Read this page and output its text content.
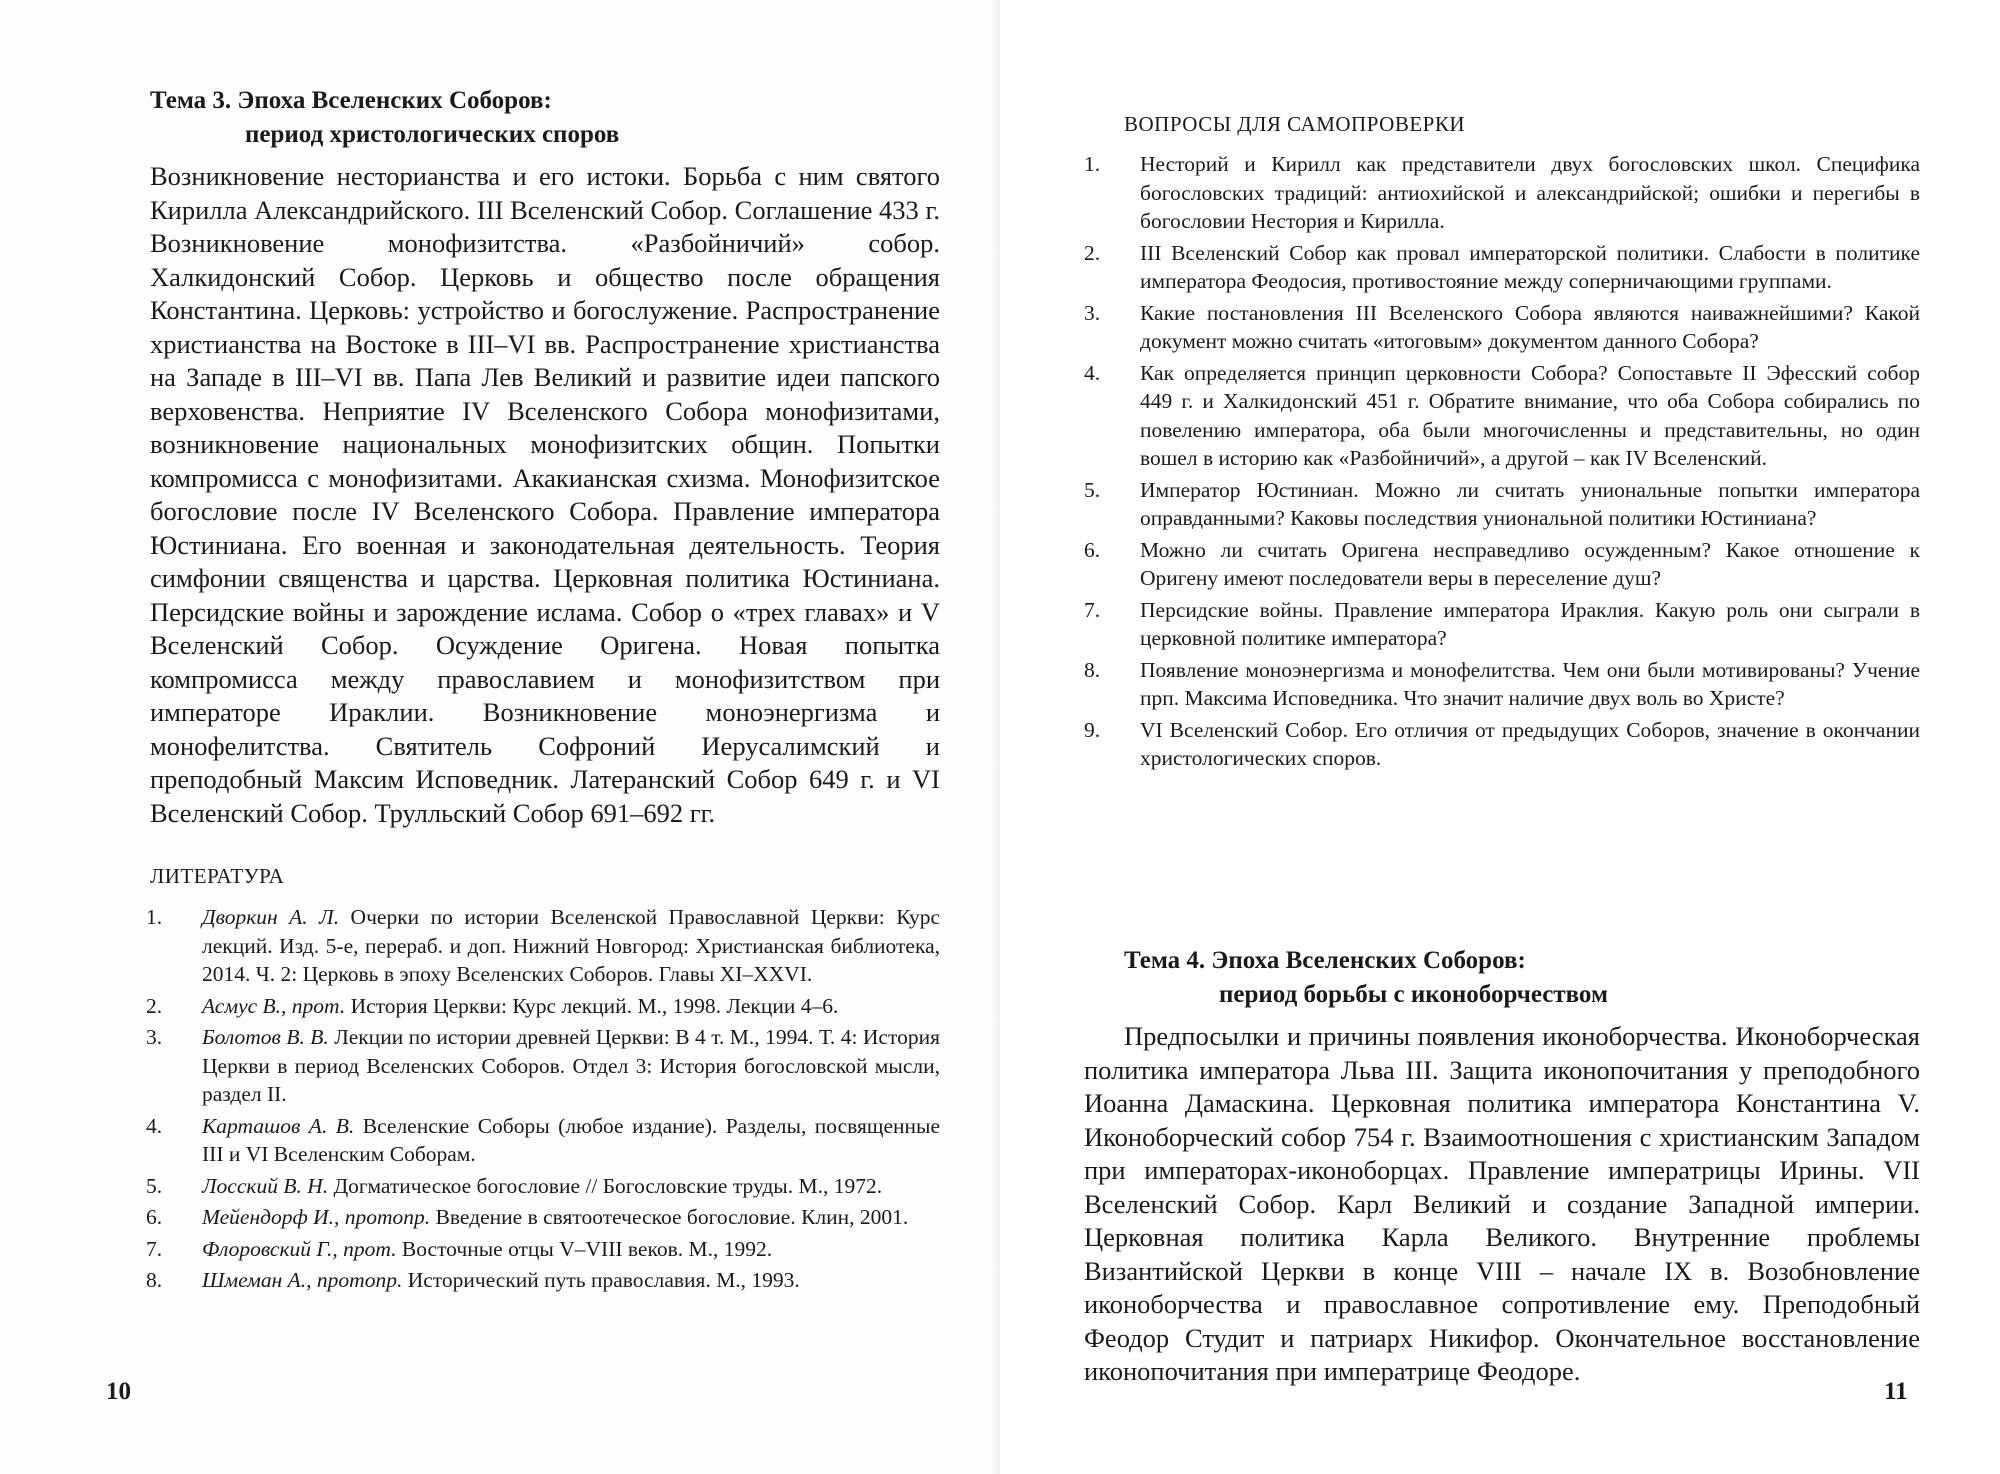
Тема 3. Эпоха Вселенских Соборов:
период христологических споров

Возникновение несторианства и его истоки. Борьба с ним святого Кирилла Александрийского. III Вселенский Собор. Соглашение 433 г. Возникновение монофизитства. «Разбойничий» собор. Халкидонский Собор. Церковь и общество после обращения Константина. Церковь: устройство и богослужение. Распространение христианства на Востоке в III–VI вв. Распространение христианства на Западе в III–VI вв. Папа Лев Великий и развитие идеи папского верховенства. Неприятие IV Вселенского Собора монофизитами, возникновение национальных монофизитских общин. Попытки компромисса с монофизитами. Акакианская схизма. Монофизитское богословие после IV Вселенского Собора. Правление императора Юстиниана. Его военная и законодательная деятельность. Теория симфонии священства и царства. Церковная политика Юстиниана. Персидские войны и зарождение ислама. Собор о «трех главах» и V Вселенский Собор. Осуждение Оригена. Новая попытка компромисса между православием и монофизитством при императоре Ираклии. Возникновение моноэнергизма и монофелитства. Святитель Софроний Иерусалимский и преподобный Максим Исповедник. Латеранский Собор 649 г. и VI Вселенский Собор. Трулльский Собор 691–692 гг.

ЛИТЕРАТУРА
1.	Дворкин А. Л. Очерки по истории Вселенской Православной Церкви: Курс лекций. Изд. 5-е, перераб. и доп. Нижний Новгород: Христианская библиотека, 2014. Ч. 2: Церковь в эпоху Вселенских Соборов. Главы XI–XXVI.
2.	Асмус В., прот. История Церкви: Курс лекций. М., 1998. Лекции 4–6.
3.	Болотов В. В. Лекции по истории древней Церкви: В 4 т. М., 1994. Т. 4: История Церкви в период Вселенских Соборов. Отдел 3: История богословской мысли, раздел II.
4.	Карташов А. В. Вселенские Соборы (любое издание). Разделы, посвященные III и VI Вселенским Соборам.
5.	Лосский В. Н. Догматическое богословие // Богословские труды. М., 1972.
6.	Мейендорф И., протопр. Введение в святоотеческое богословие. Клин, 2001.
7.	Флоровский Г., прот. Восточные отцы V–VIII веков. М., 1992.
8.	Шмеман А., протопр. Исторический путь православия. М., 1993.
10
ВОПРОСЫ ДЛЯ САМОПРОВЕРКИ
1.	Несторий и Кирилл как представители двух богословских школ. Специфика богословских традиций: антиохийской и александрийской; ошибки и перегибы в богословии Нестория и Кирилла.
2.	III Вселенский Собор как провал императорской политики. Слабости в политике императора Феодосия, противостояние между соперничающими группами.
3.	Какие постановления III Вселенского Собора являются наиважнейшими? Какой документ можно считать «итоговым» документом данного Собора?
4.	Как определяется принцип церковности Собора? Сопоставьте II Эфесский собор 449 г. и Халкидонский 451 г. Обратите внимание, что оба Собора собирались по повелению императора, оба были многочисленны и представительны, но один вошел в историю как «Разбойничий», а другой – как IV Вселенский.
5.	Император Юстиниан. Можно ли считать униональные попытки императора оправданными? Каковы последствия униональной политики Юстиниана?
6.	Можно ли считать Оригена несправедливо осужденным? Какое отношение к Оригену имеют последователи веры в переселение душ?
7.	Персидские войны. Правление императора Ираклия. Какую роль они сыграли в церковной политике императора?
8.	Появление моноэнергизма и монофелитства. Чем они были мотивированы? Учение прп. Максима Исповедника. Что значит наличие двух воль во Христе?
9.	VI Вселенский Собор. Его отличия от предыдущих Соборов, значение в окончании христологических споров.
Тема 4. Эпоха Вселенских Соборов:
период борьбы с иконоборчеством

Предпосылки и причины появления иконоборчества. Иконоборческая политика императора Льва III. Защита иконопочитания у преподобного Иоанна Дамаскина. Церковная политика императора Константина V. Иконоборческий собор 754 г. Взаимоотношения с христианским Западом при императорах-иконоборцах. Правление императрицы Ирины. VII Вселенский Собор. Карл Великий и создание Западной империи. Церковная политика Карла Великого. Внутренние проблемы Византийской Церкви в конце VIII – начале IX в. Возобновление иконоборчества и православное сопротивление ему. Преподобный Феодор Студит и патриарх Никифор. Окончательное восстановление иконопочитания при императрице Феодоре.

11
